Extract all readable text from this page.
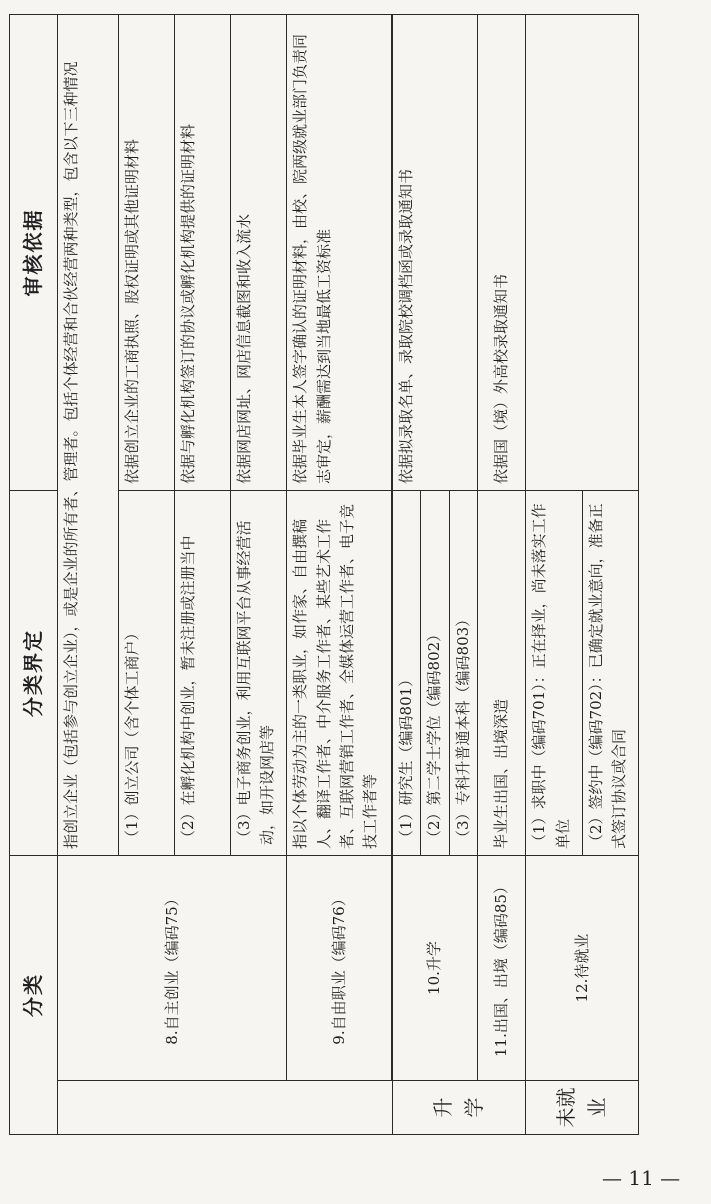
分类		分类界定	审核依据
	8.自主创业（编码75）	指创立企业（包括参与创立企业），或是企业的所有者、管理者。包括个体经营和合伙经营两种类型，包含以下三种情况	
		（1）创立公司（含个体工商户）	依据创立企业的工商执照、股权证明或其他证明材料
		（2）在孵化机构中创业，暂未注册或注册当中	依据与孵化机构签订的协议或孵化机构提供的证明材料
		（3）电子商务创业，利用互联网平台从事经营活动，如开设网店等	依据网店网址、网店信息截图和收入流水
	9.自由职业（编码76）	指以个体劳动为主的一类职业，如作家、自由撰稿人、翻译工作者、中介服务工作者、某些艺术工作者、互联网营销工作者、全媒体运营工作者、电子竞技工作者等	依据毕业生本人签字确认的证明材料，由校、院两级就业部门负责同志审定，薪酬需达到当地最低工资标准

升 学	10.升学	（1）研究生（编码801）	依据拟录取名单、录取院校调档函或录取通知书
		（2）第二学士学位（编码802）	
		（3）专科升普通本科（编码803）	
	11.出国、出境（编码85）	毕业生出国、出境深造	依据国（境）外高校录取通知书
未就业	12.待就业	（1）求职中（编码701）：正在择业，尚未落实工作单位	
		（2）签约中（编码702）：已确定就业意向，准备正式签订协议或合同	
— 11 —
